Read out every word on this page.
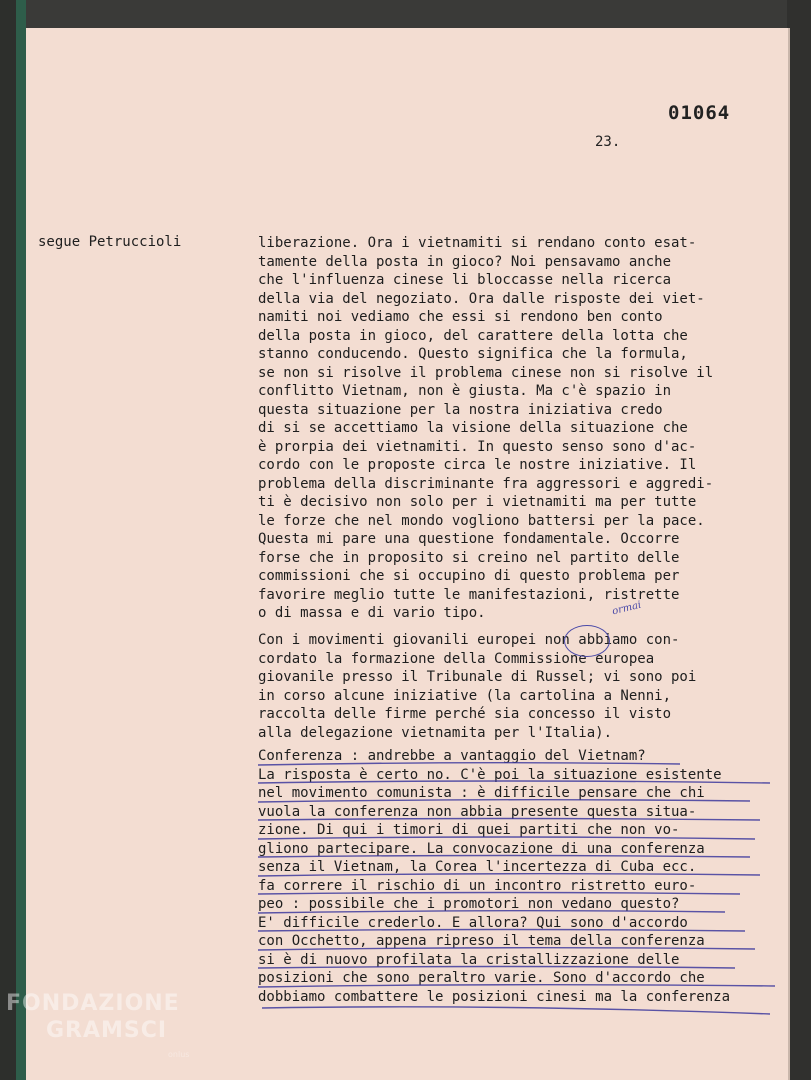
01064
23.
segue Petruccioli	liberazione. Ora i vietnamiti si rendano conto esat-
tamente della posta in gioco? Noi pensavamo anche
che l'influenza cinese li bloccasse nella ricerca
della via del negoziato. Ora dalle risposte dei viet-
namiti noi vediamo che essi si rendono ben conto
della posta in gioco, del carattere della lotta che
stanno conducendo. Questo significa che la formula,
se non si risolve il problema cinese non si risolve il
conflitto Vietnam, non è giusta. Ma c'è spazio in
questa situazione per la nostra iniziativa credo
di si se accettiamo la visione della situazione che
è prorpia dei vietnamiti. In questo senso sono d'ac-
cordo con le proposte circa le nostre iniziative. Il
problema della discriminante fra aggressori e aggredi-
ti è decisivo non solo per i vietnamiti ma per tutte
le forze che nel mondo vogliono battersi per la pace.
Questa mi pare una questione fondamentale. Occorre
forse che in proposito si creino nel partito delle
commissioni che si occupino di questo problema per
favorire meglio tutte le manifestazioni, ristrette
o di massa e di vario tipo.
Con i movimenti giovanili europei non abbiamo con-
cordato la formazione della Commissione europea
giovanile presso il Tribunale di Russel; vi sono poi
in corso alcune iniziative (la cartolina a Nenni,
raccolta delle firme perché sia concesso il visto
alla delegazione vietnamita per l'Italia).
Conferenza : andrebbe a vantaggio del Vietnam?
La risposta è certo no. C'è poi la situazione esistente
nel movimento comunista : è difficile pensare che chi
vuola la conferenza non abbia presente questa situa-
zione. Di qui i timori di quei partiti che non vo-
gliono partecipare. La convocazione di una conferenza
senza il Vietnam, la Corea l'incertezza di Cuba ecc.
fa correre il rischio di un incontro ristretto euro-
peo : possibile che i promotori non vedano questo?
E' difficile crederlo. E allora? Qui sono d'accordo
con Occhetto, appena ripreso il tema della conferenza
si è di nuovo profilata la cristallizzazione delle
posizioni che sono peraltro varie. Sono d'accordo che
dobbiamo combattere le posizioni cinesi ma la conferenza
ormai
FONDAZIONE
GRAMSCI
onlus
